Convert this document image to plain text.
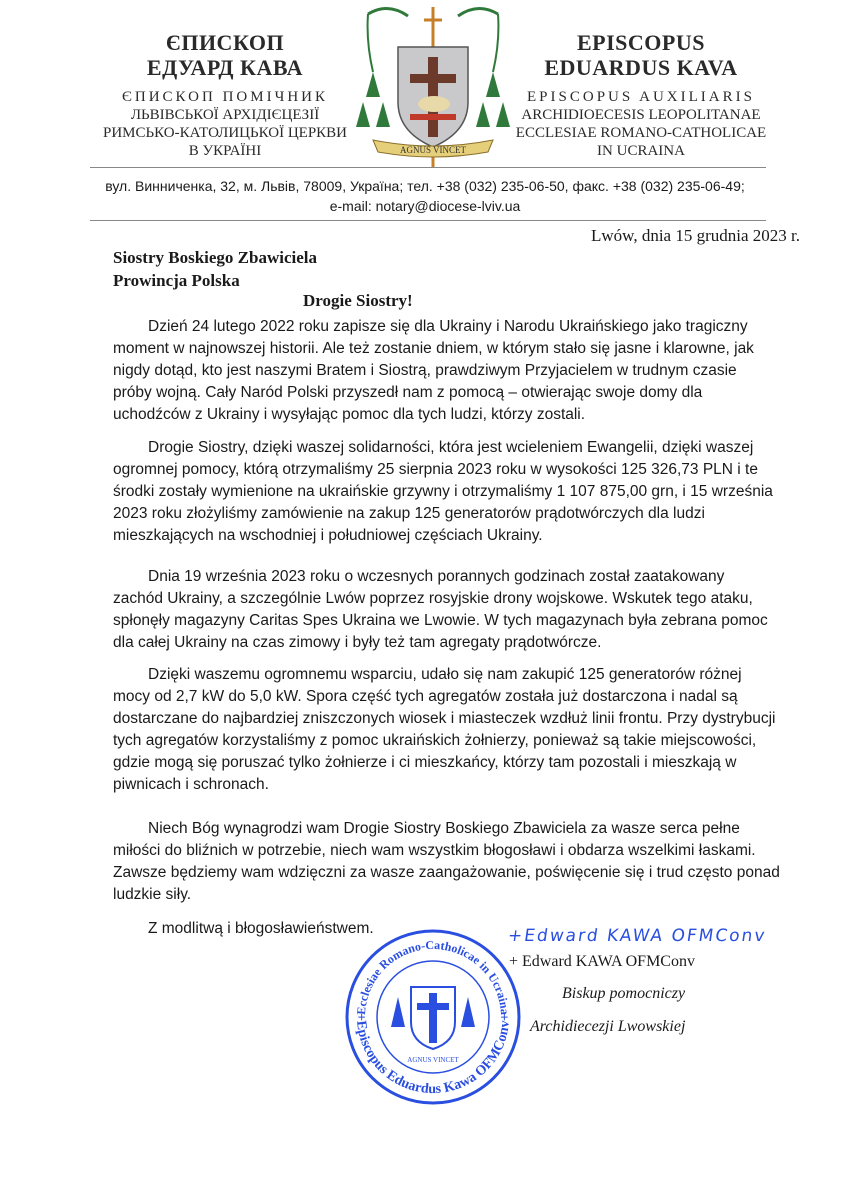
ЄПИСКОП
ЕДУАРД КАВА
ЄПИСКОП ПОМІЧНИК
ЛЬВІВСЬКОЇ АРХІДІЄЦЕЗІЇ
РИМСЬКО-КАТОЛИЦЬКОЇ ЦЕРКВИ
В УКРАЇНІ	AGNUS VINCET
EPISCOPUS
EDUARDUS KAVA
EPISCOPUS AUXILIARIS
ARCHIDIOECESIS LEOPOLITANAE
ECCLESIAE ROMANO-CATHOLICAE
IN UCRAINA
вул. Винниченка, 32, м. Львів, 78009, Україна; тел. +38 (032) 235-06-50, факс. +38 (032) 235-06-49;
e-mail: notary@diocese-lviv.ua
Lwów, dnia 15 grudnia 2023 r.
Siostry Boskiego Zbawiciela
Prowincja Polska
Drogie Siostry!
Dzień 24 lutego 2022 roku zapisze się dla Ukrainy i Narodu Ukraińskiego jako tragiczny
moment w najnowszej historii. Ale też zostanie dniem, w którym stało się jasne i klarowne, jak
nigdy dotąd, kto jest naszymi Bratem i Siostrą, prawdziwym Przyjacielem w trudnym czasie
próby wojną. Cały Naród Polski przyszedł nam z pomocą – otwierając swoje domy dla
uchodźców z Ukrainy i wysyłając pomoc dla tych ludzi, którzy zostali.
Drogie Siostry, dzięki waszej solidarności, która jest wcieleniem Ewangelii, dzięki waszej
ogromnej pomocy, którą otrzymaliśmy 25 sierpnia 2023 roku w wysokości 125 326,73 PLN i te
środki zostały wymienione na ukraińskie grzywny i otrzymaliśmy 1 107 875,00 grn, i 15 września
2023 roku złożyliśmy zamówienie na zakup 125 generatorów prądotwórczych dla ludzi
mieszkających na wschodniej i południowej częściach Ukrainy.
Dnia 19 września 2023 roku o wczesnych porannych godzinach został zaatakowany
zachód Ukrainy, a szczególnie Lwów poprzez rosyjskie drony wojskowe. Wskutek tego ataku,
spłonęły magazyny Caritas Spes Ukraina we Lwowie. W tych magazynach była zebrana pomoc
dla całej Ukrainy na czas zimowy i były też tam agregaty prądotwórcze.
Dzięki waszemu ogromnemu wsparciu, udało się nam zakupić 125 generatorów różnej
mocy od 2,7 kW do 5,0 kW. Spora część tych agregatów została już dostarczona i nadal są
dostarczane do najbardziej zniszczonych wiosek i miasteczek wzdłuż linii frontu. Przy dystrybucji
tych agregatów korzystaliśmy z pomoc ukraińskich żołnierzy, ponieważ są takie miejscowości,
gdzie mogą się poruszać tylko żołnierze i ci mieszkańcy, którzy tam pozostali i mieszkają w
piwnicach i schronach.
Niech Bóg wynagrodzi wam Drogie Siostry Boskiego Zbawiciela za wasze serca pełne
miłości do bliźnich w potrzebie, niech wam wszystkim błogosławi i obdarza wszelkimi łaskami.
Zawsze będziemy wam wdzięczni za wasze zaangażowanie, poświęcenie się i trud często ponad
ludzkie siły.
Z modlitwą i błogosławieństwem.
Ecclesiae Romano-Catholicae in Ucraina
+Episcopus Eduardus Kawa OFMConv+
AGNUS VINCET
+Edward KAWA OFMConv
+ Edward KAWA OFMConv
Biskup pomocniczy
Archidiecezji Lwowskiej
